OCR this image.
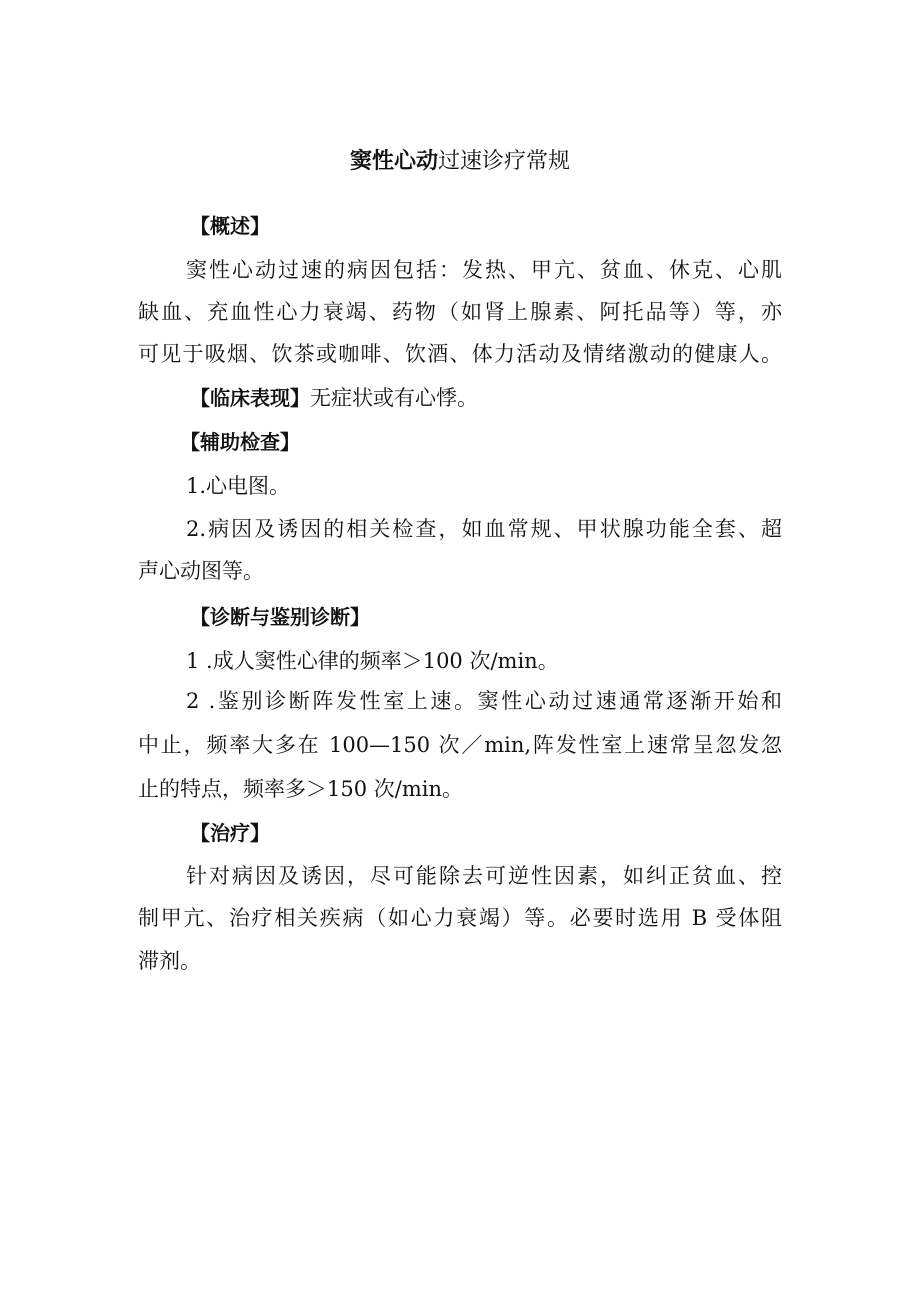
窦性心动过速诊疗常规
【概述】
窦性心动过速的病因包括：发热、甲亢、贫血、休克、心肌
缺血、充血性心力衰竭、药物（如肾上腺素、阿托品等）等，亦
可见于吸烟、饮茶或咖啡、饮酒、体力活动及情绪激动的健康人。
【临床表现】无症状或有心悸。
【辅助检查】
1.心电图。
2.病因及诱因的相关检查，如血常规、甲状腺功能全套、超
声心动图等。
【诊断与鉴别诊断】
1 .成人窦性心律的频率＞100 次/min。
2 .鉴别诊断阵发性室上速。窦性心动过速通常逐渐开始和
中止，频率大多在 100—150 次／min,阵发性室上速常呈忽发忽
止的特点，频率多＞150 次/min。
【治疗】
针对病因及诱因，尽可能除去可逆性因素，如纠正贫血、控
制甲亢、治疗相关疾病（如心力衰竭）等。必要时选用 B 受体阻
滞剂。
